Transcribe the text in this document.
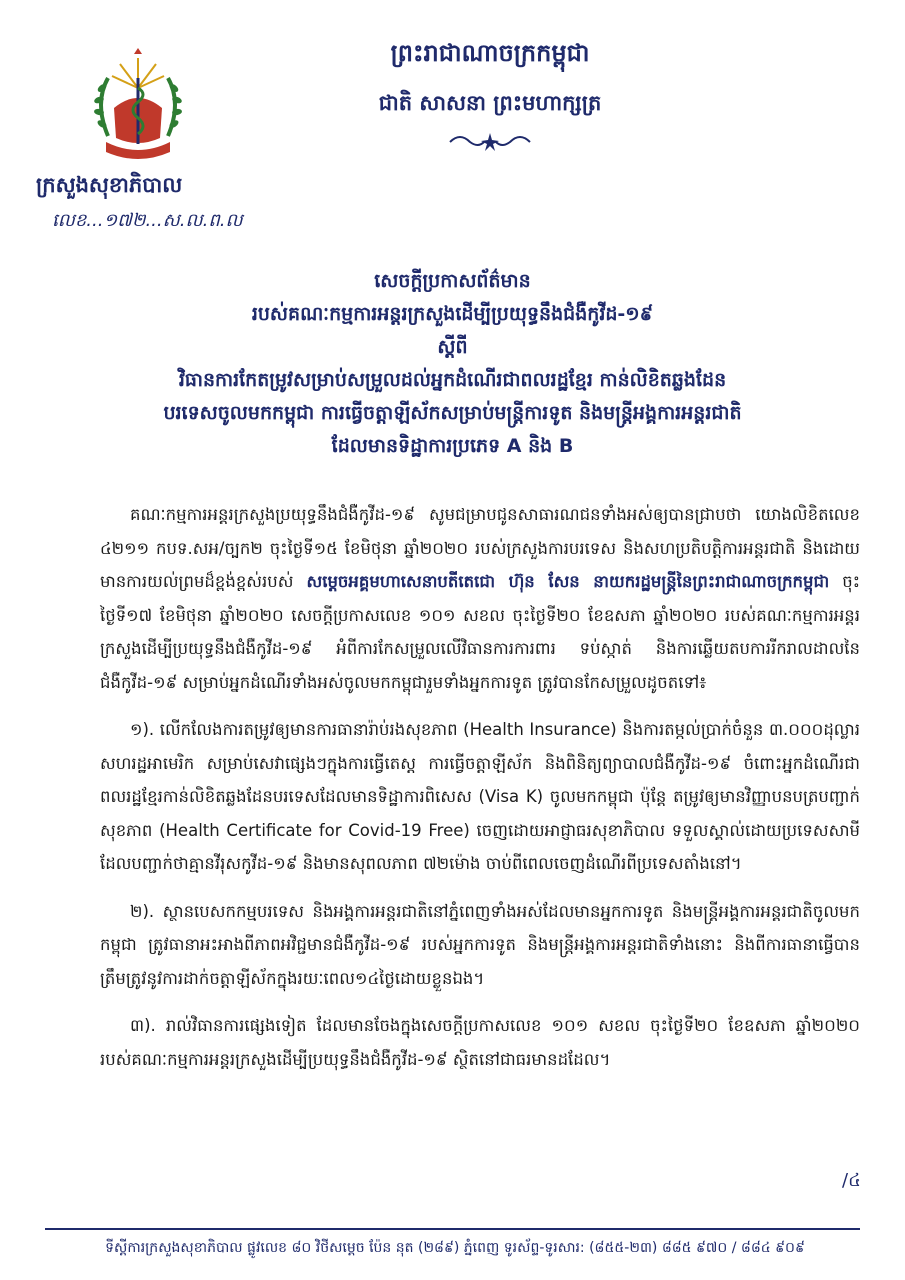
ក្រសួងសុខាភិបាល
លេខ...១៧២...ស.ល.ព.ល
ព្រះរាជាណាចក្រកម្ពុជា
ជាតិ សាសនា ព្រះមហាក្សត្រ
សេចក្តីប្រកាសព័ត៌មាន
របស់គណៈកម្មការអន្តរក្រសួងដើម្បីប្រយុទ្ធនឹងជំងឺកូវីដ-១៩
ស្តីពី
វិធានការកែតម្រូវសម្រាប់សម្រួលដល់អ្នកដំណើរជាពលរដ្ឋខ្មែរ កាន់លិខិតឆ្លងដែន
បរទេសចូលមកកម្ពុជា ការធ្វើចត្តាឡីស័កសម្រាប់មន្ត្រីការទូត និងមន្ត្រីអង្គការអន្តរជាតិ
ដែលមានទិដ្ឋាការប្រភេទ A និង B

គណៈកម្មការអន្តរក្រសួងប្រយុទ្ធនឹងជំងឺកូវីដ-១៩ សូមជម្រាបជូនសាធារណជនទាំងអស់ឲ្យបានជ្រាបថា យោងលិខិតលេខ ៤២១១ កបទ.សអ/ច្បក២ ចុះថ្ងៃទី១៥ ខែមិថុនា ឆ្នាំ២០២០ របស់ក្រសួងការបរទេស និងសហប្រតិបត្តិការអន្តរជាតិ និងដោយមានការយល់ព្រមដ៏ខ្ពង់ខ្ពស់របស់ សម្តេចអគ្គមហាសេនាបតីតេជោ ហ៊ុន សែន នាយករដ្ឋមន្ត្រីនៃព្រះរាជាណាចក្រកម្ពុជា ចុះថ្ងៃទី១៧ ខែមិថុនា ឆ្នាំ២០២០ សេចក្តីប្រកាសលេខ ១០១ សខល ចុះថ្ងៃទី២០ ខែឧសភា ឆ្នាំ២០២០ របស់គណៈកម្មការអន្តរក្រសួងដើម្បីប្រយុទ្ធនឹងជំងឺកូវីដ-១៩ អំពីការកែសម្រួលលើវិធានការការពារ ទប់ស្កាត់ និងការឆ្លើយតបការរីករាលដាលនៃជំងឺកូវីដ-១៩ សម្រាប់អ្នកដំណើរទាំងអស់ចូលមកកម្ពុជារួមទាំងអ្នកការទូត ត្រូវបានកែសម្រួលដូចតទៅ៖

១). លើកលែងការតម្រូវឲ្យមានការធានារ៉ាប់រងសុខភាព (Health Insurance) និងការតម្កល់ប្រាក់ចំនួន ៣.០០០ដុល្លារសហរដ្ឋអាមេរិក សម្រាប់សេវាផ្សេងៗក្នុងការធ្វើតេស្ត ការធ្វើចត្តាឡីស័ក និងពិនិត្យព្យាបាលជំងឺកូវីដ-១៩ ចំពោះអ្នកដំណើរជាពលរដ្ឋខ្មែរកាន់លិខិតឆ្លងដែនបរទេសដែលមានទិដ្ឋាការពិសេស (Visa K) ចូលមកកម្ពុជា ប៉ុន្តែ តម្រូវឲ្យមានវិញ្ញាបនបត្របញ្ជាក់សុខភាព (Health Certificate for Covid-19 Free) ចេញដោយអាជ្ញាធរសុខាភិបាល ទទួលស្គាល់ដោយប្រទេសសាមី ដែលបញ្ជាក់ថាគ្មានវីរុសកូវីដ-១៩ និងមានសុពលភាព ៧២ម៉ោង ចាប់ពីពេលចេញដំណើរពីប្រទេសតាំងនៅ។

២). ស្ថានបេសកកម្មបរទេស និងអង្គការអន្តរជាតិនៅភ្នំពេញទាំងអស់ដែលមានអ្នកការទូត និងមន្ត្រីអង្គការអន្តរជាតិចូលមកកម្ពុជា ត្រូវធានាអះអាងពីភាពអវិជ្ជមានជំងឺកូវីដ-១៩ របស់អ្នកការទូត និងមន្ត្រីអង្គការអន្តរជាតិទាំងនោះ និងពីការធានាធ្វើបានត្រឹមត្រូវនូវការដាក់ចត្តាឡីស័កក្នុងរយៈពេល១៤ថ្ងៃដោយខ្លួនឯង។

៣). រាល់វិធានការផ្សេងទៀត ដែលមានចែងក្នុងសេចក្តីប្រកាសលេខ ១០១ សខល ចុះថ្ងៃទី២០ ខែឧសភា ឆ្នាំ២០២០ របស់គណៈកម្មការអន្តរក្រសួងដើម្បីប្រយុទ្ធនឹងជំងឺកូវីដ-១៩ ស្ថិតនៅជាធរមានដដែល។

/៤
ទីស្តីការក្រសួងសុខាភិបាល ផ្លូវលេខ ៨០ វិថីសម្តេច ប៉ែន នុត (២៨៩) ភ្នំពេញ ទូរស័ព្ទ-ទូរសារ: (៨៥៥-២៣) ៨៨៥ ៩៧០ / ៨៨៤ ៩០៩
